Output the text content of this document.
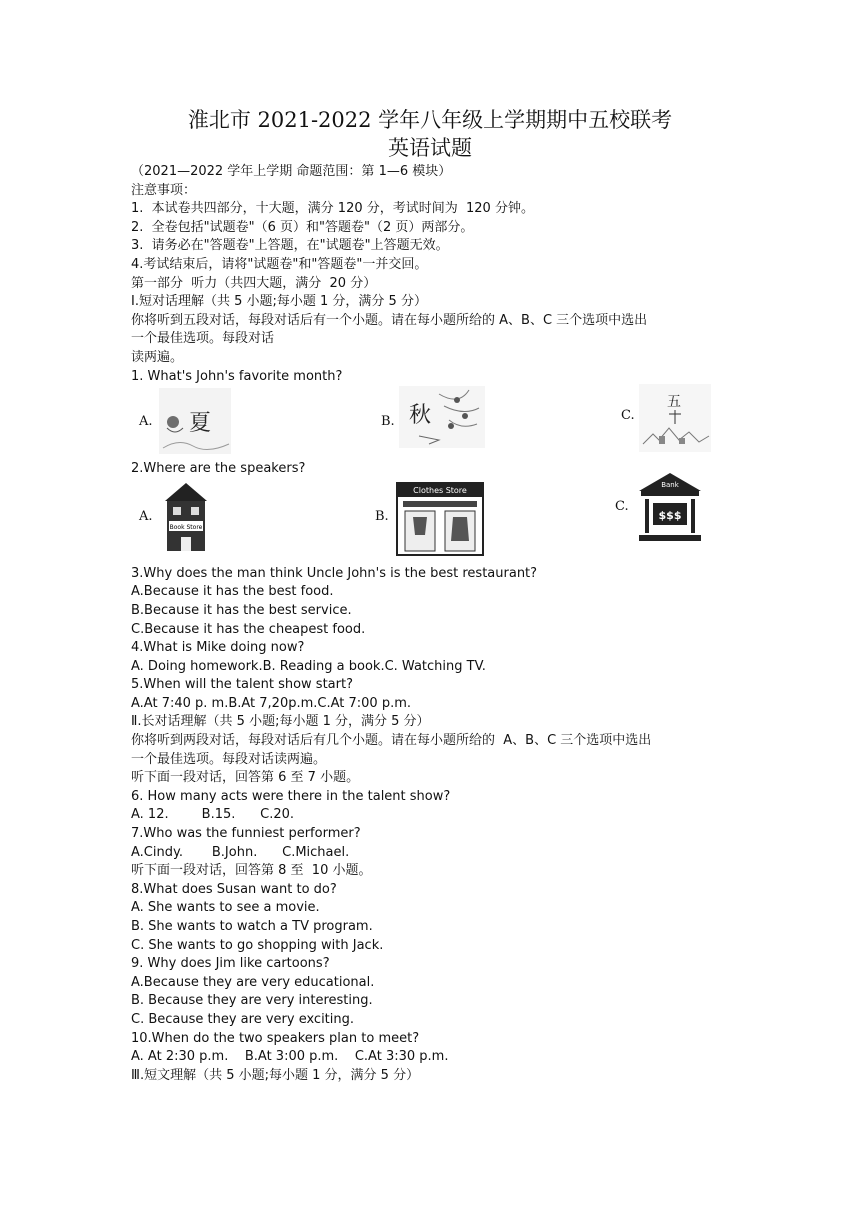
淮北市 2021-2022 学年八年级上学期期中五校联考
英语试题
（2021—2022 学年上学期 命题范围：第 1—6 模块）
注意事项：
1.  本试卷共四部分，十大题，满分 120 分，考试时间为  120 分钟。
2.  全卷包括"试题卷"（6 页）和"答题卷"（2 页）两部分。
3.  请务必在"答题卷"上答题，在"试题卷"上答题无效。
4.考试结束后，请将"试题卷"和"答题卷"一并交回。
第一部分  听力（共四大题，满分  20 分）
Ⅰ.短对话理解（共 5 小题;每小题 1 分，满分 5 分）
你将听到五段对话，每段对话后有一个小题。请在每小题所给的 A、B、C 三个选项中选出
一个最佳选项。每段对话
读两遍。
1. What's John's favorite month?
A. 夏	B. 秋	C.
五
2.Where are the speakers?
A.
Book Store
B.
Clothes Store
C.
Bank
$$$
3.Why does the man think Uncle John's is the best restaurant?
A.Because it has the best food.
B.Because it has the best service.
C.Because it has the cheapest food.
4.What is Mike doing now?
A. Doing homework.B. Reading a book.C. Watching TV.
5.When will the talent show start?
A.At 7:40 p. m.B.At 7,20p.m.C.At 7:00 p.m.
Ⅱ.长对话理解（共 5 小题;每小题 1 分，满分 5 分）
你将听到两段对话，每段对话后有几个小题。请在每小题所给的  A、B、C 三个选项中选出
一个最佳选项。每段对话读两遍。
听下面一段对话，回答第 6 至 7 小题。
6. How many acts were there in the talent show?
A. 12.        B.15.      C.20.
7.Who was the funniest performer?
A.Cindy.       B.John.      C.Michael.
听下面一段对话，回答第 8 至  10 小题。
8.What does Susan want to do?
A. She wants to see a movie.
B. She wants to watch a TV program.
C. She wants to go shopping with Jack.
9. Why does Jim like cartoons?
A.Because they are very educational.
B. Because they are very interesting.
C. Because they are very exciting.
10.When do the two speakers plan to meet?
A. At 2:30 p.m.    B.At 3:00 p.m.    C.At 3:30 p.m.
Ⅲ.短文理解（共 5 小题;每小题 1 分，满分 5 分）
